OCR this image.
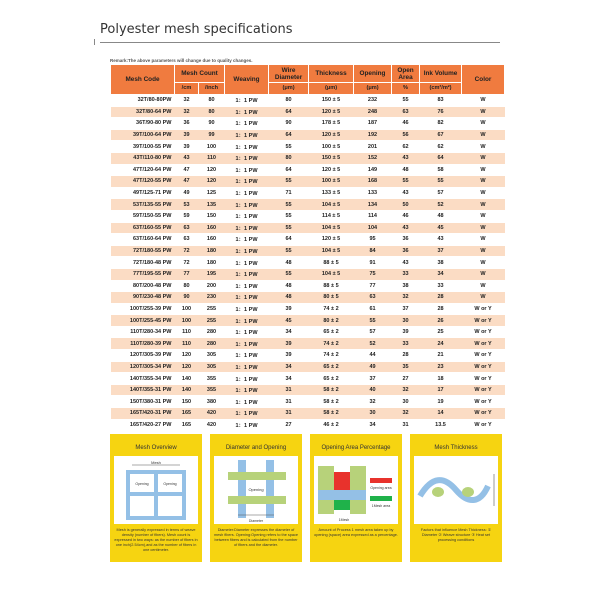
Polyester mesh specifications
Remark:The above parameters will change due to quality changes.
Mesh Code	Mesh Count		Weaving	Wire Diameter	Thickness	Opening	Open Area	Ink Volume	Color
	/cm	/inch		(μm)	(μm)	(μm)	%	(cm³/m²)	
32T/80-80PW	32	80	1：1 PW	80	150 ± 5	232	55	83	W
32T/80-64 PW	32	80	1：1 PW	64	120 ± 5	248	63	76	W
36T/90-80 PW	36	90	1：1 PW	90	178 ± 5	187	46	82	W
39T/100-64 PW	39	99	1：1 PW	64	120 ± 5	192	56	67	W
39T/100-55 PW	39	100	1：1 PW	55	100 ± 5	201	62	62	W
43T/110-80 PW	43	110	1：1 PW	80	150 ± 5	152	43	64	W
47T/120-64 PW	47	120	1：1 PW	64	120 ± 5	149	48	58	W
47T/120-55 PW	47	120	1：1 PW	55	100 ± 5	168	55	55	W
49T/125-71 PW	49	125	1：1 PW	71	133 ± 5	133	43	57	W
53T/135-55 PW	53	135	1：1 PW	55	104 ± 5	134	50	52	W
59T/150-55 PW	59	150	1：1 PW	55	114 ± 5	114	46	48	W
63T/160-55 PW	63	160	1：1 PW	55	104 ± 5	104	43	45	W
63T/160-64 PW	63	160	1：1 PW	64	120 ± 5	95	36	43	W
72T/180-55 PW	72	180	1：1 PW	55	104 ± 5	84	36	37	W
72T/180-48 PW	72	180	1：1 PW	48	88 ± 5	91	43	38	W
77T/195-55 PW	77	195	1：1 PW	55	104 ± 5	75	33	34	W
80T/200-48 PW	80	200	1：1 PW	48	88 ± 5	77	38	33	W
90T/230-48 PW	90	230	1：1 PW	48	80 ± 5	63	32	28	W
100T/255-39 PW	100	255	1：1 PW	39	74 ± 2	61	37	28	W or Y
100T/255-45 PW	100	255	1：1 PW	45	80 ± 2	55	30	26	W or Y
110T/280-34 PW	110	280	1：1 PW	34	65 ± 2	57	39	25	W or Y
110T/280-39 PW	110	280	1：1 PW	39	74 ± 2	52	33	24	W or Y
120T/305-39 PW	120	305	1：1 PW	39	74 ± 2	44	28	21	W or Y
120T/305-34 PW	120	305	1：1 PW	34	65 ± 2	49	35	23	W or Y
140T/355-34 PW	140	355	1：1 PW	34	65 ± 2	37	27	18	W or Y
140T/355-31 PW	140	355	1：1 PW	31	58 ± 2	40	32	17	W or Y
150T/380-31 PW	150	380	1：1 PW	31	58 ± 2	32	30	19	W or Y
165T/420-31 PW	165	420	1：1 PW	31	58 ± 2	30	32	14	W or Y
165T/420-27 PW	165	420	1：1 PW	27	46 ± 2	34	31	13.5	W or Y
Mesh Overview
Mesh
Opening	Opening
Mesh is generally expressed in terms of weave density (number of fibers). Mesh count is expressed in two ways: as the number of fibers in one inch(2.54cm),and as the number of fibers in one centimeter.
Diameter and Opening
Opening
Diameter
Diameter:Diameter expresses the diameter of mesh fibers. Opening:Opening refers to the space between fibers and is calculated from the number of fibers and the diameter.
Opening Area Percentage
Opening area
1Mesh area
1Mesh
Amount of Process 1 mesh area taken up by opening (space) area expressed as a percentage.
Mesh Thickness
Factors that influence Mesh Thickness: ① Diameter ② Weave structure ③ Heat set processing conditions
